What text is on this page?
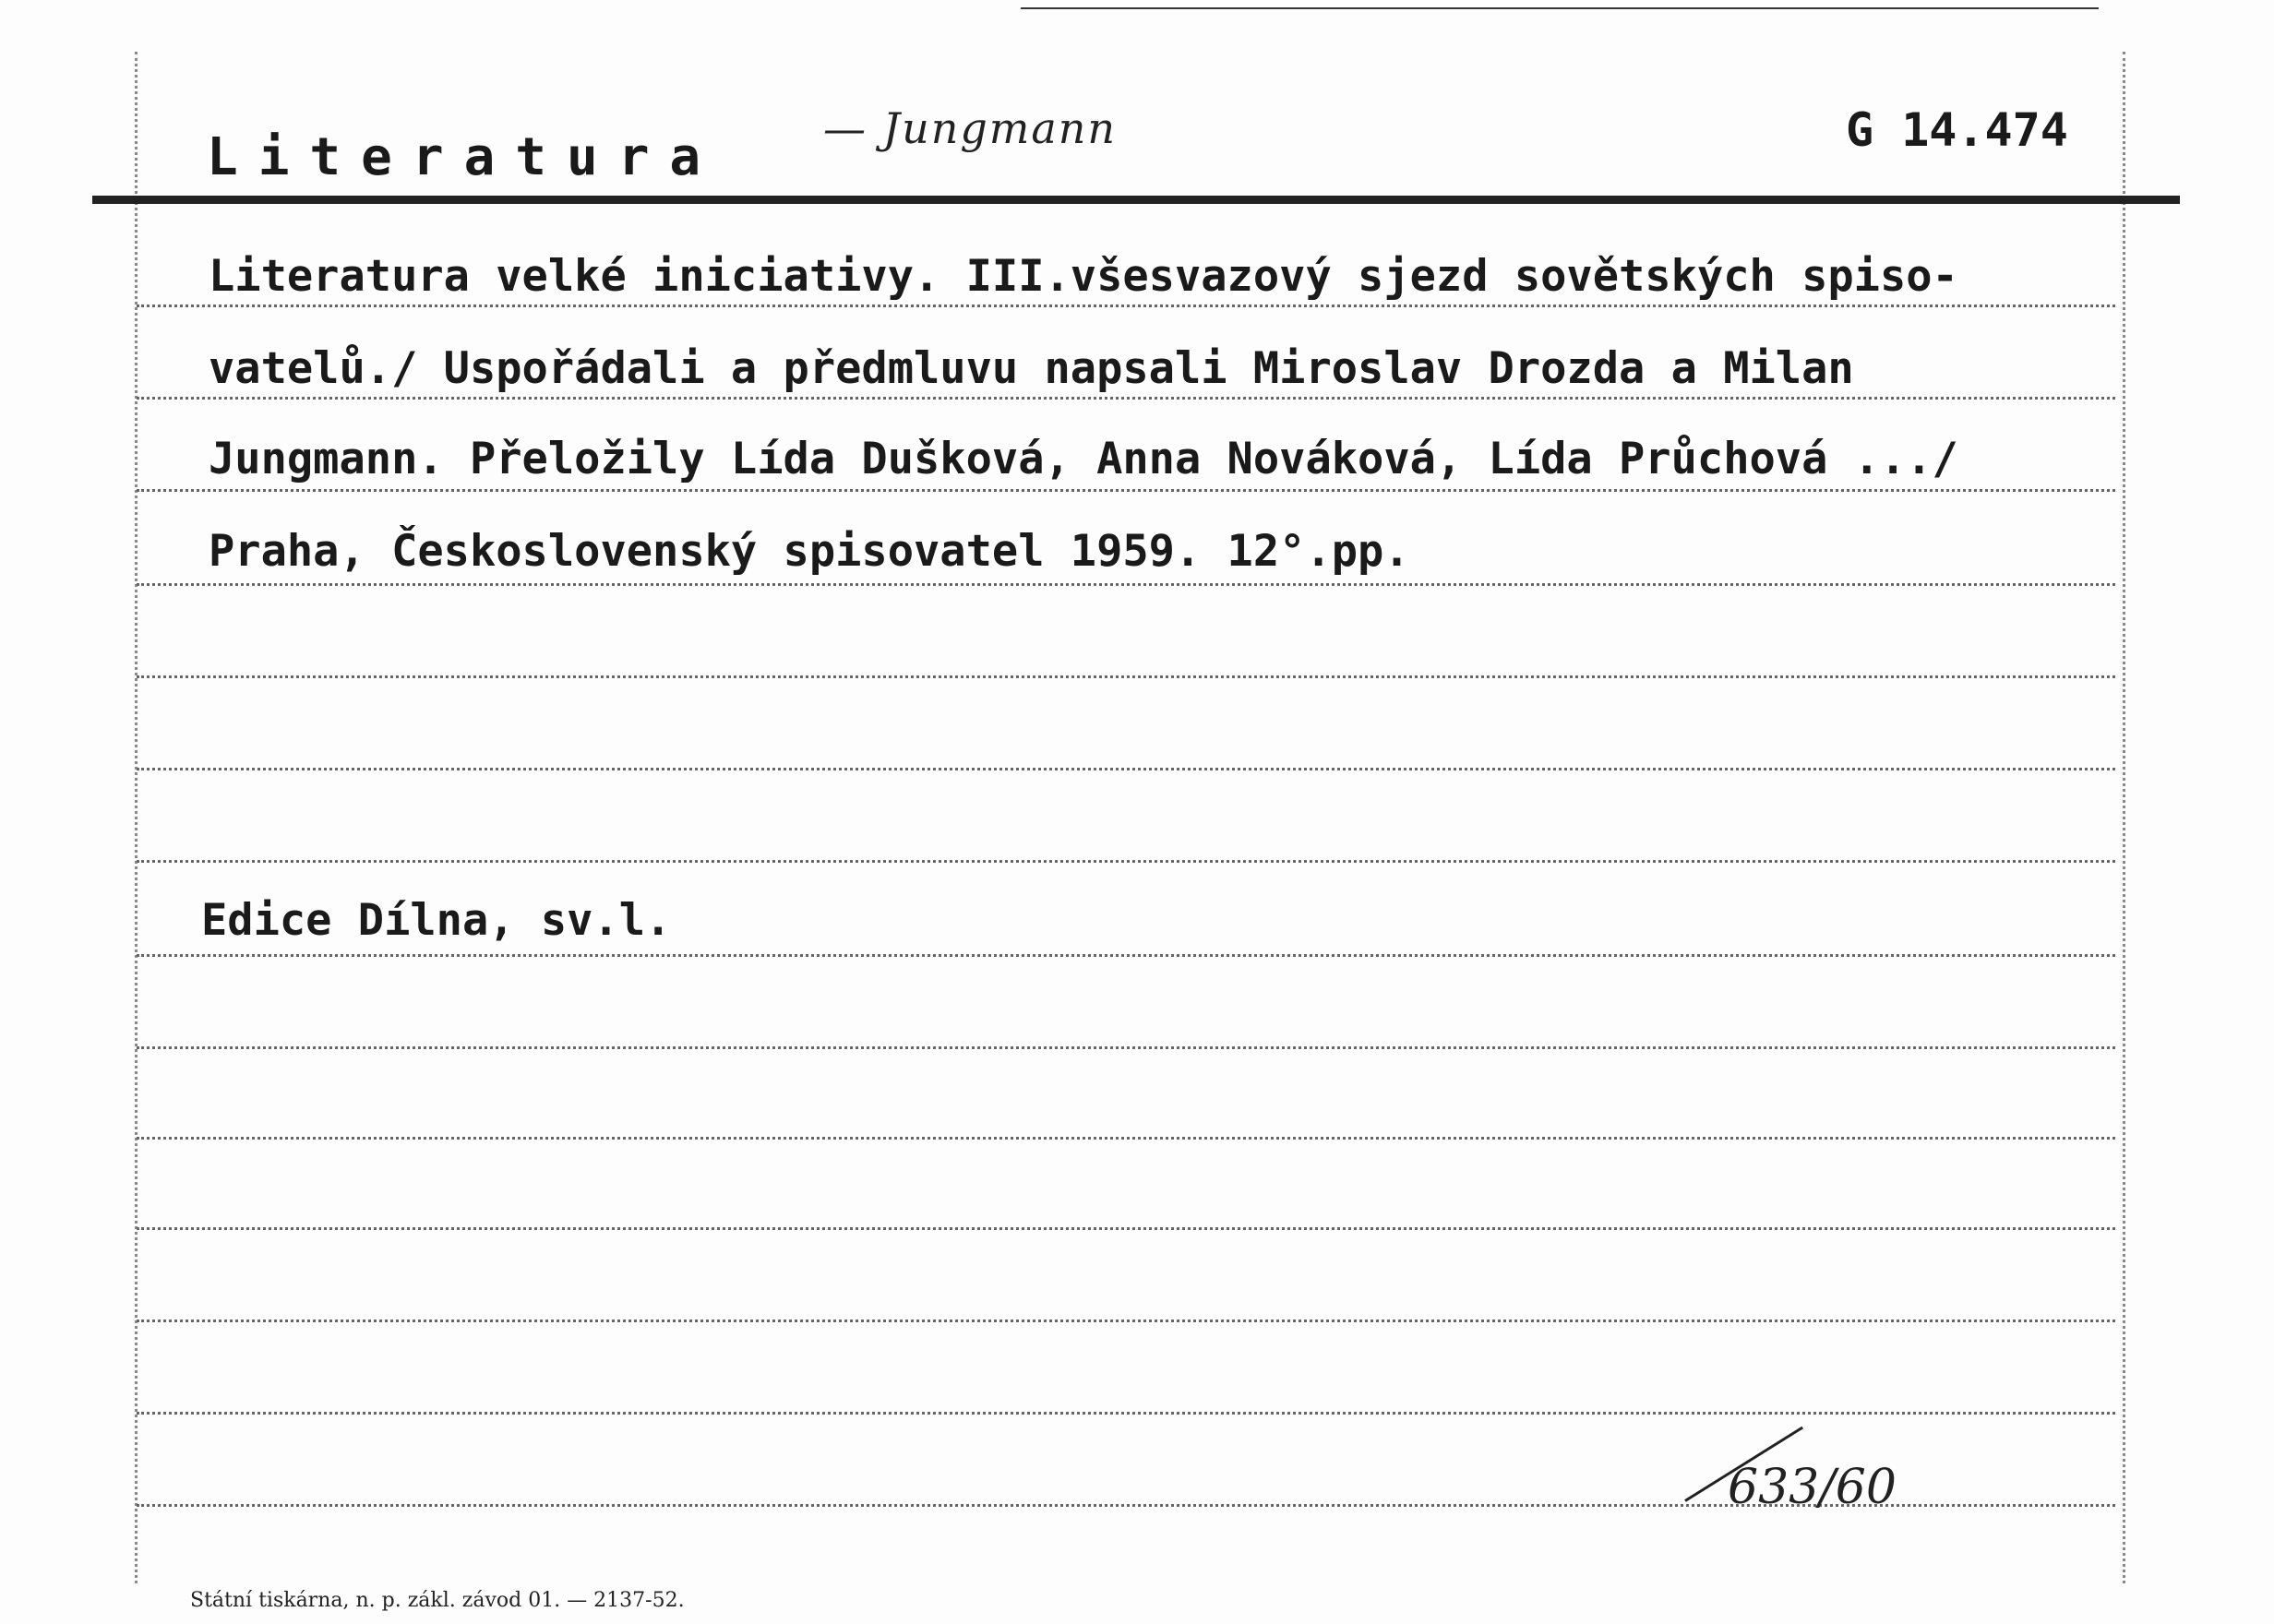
Literatura — Jungmann	G 14.474
Literatura velké iniciativy. III.všesvazový sjezd sovětských spiso-
vatelů./ Uspořádali a předmluvu napsali Miroslav Drozda a Milan
Jungmann. Přeložily Lída Dušková, Anna Nováková, Lída Průchová .../
Praha, Československý spisovatel 1959. 12°.pp.
Edice Dílna, sv.l.
633/60
Státní tiskárna, n. p. zákl. závod 01. — 2137-52.
